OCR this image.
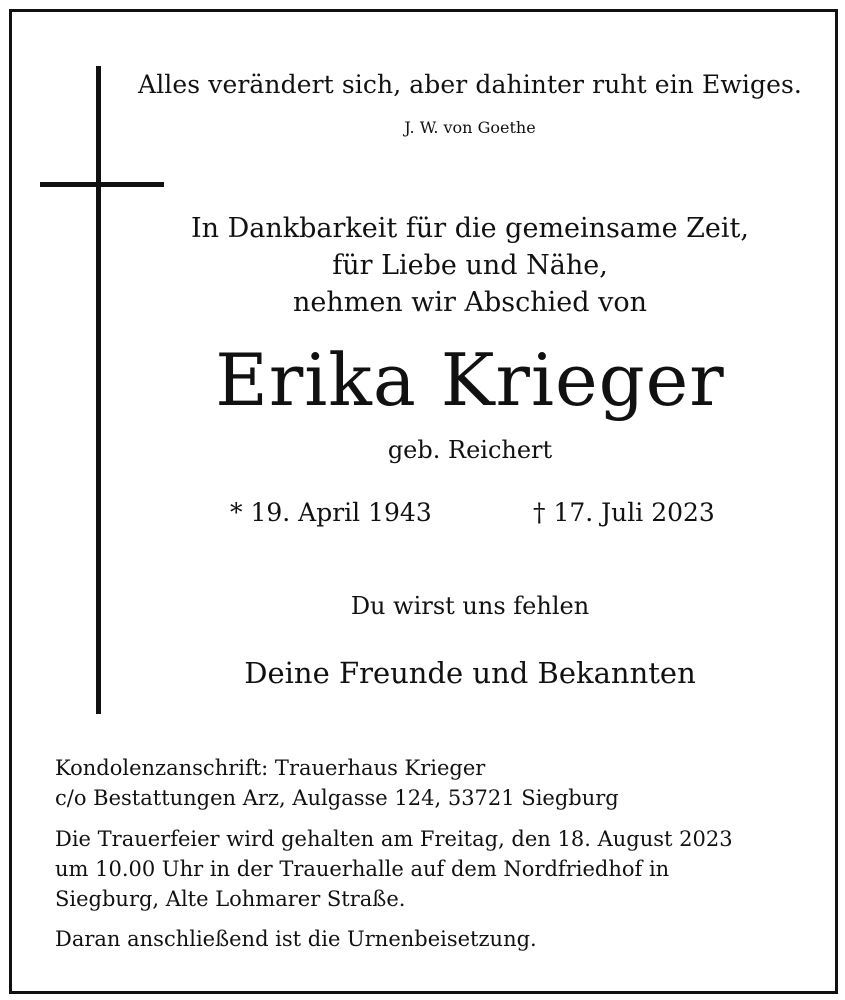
Alles verändert sich, aber dahinter ruht ein Ewiges.
J. W. von Goethe
In Dankbarkeit für die gemeinsame Zeit,
für Liebe und Nähe,
nehmen wir Abschied von
Erika Krieger
geb. Reichert
* 19. April 1943	† 17. Juli 2023
Du wirst uns fehlen
Deine Freunde und Bekannten
Kondolenzanschrift: Trauerhaus Krieger
c/o Bestattungen Arz, Aulgasse 124, 53721 Siegburg
Die Trauerfeier wird gehalten am Freitag, den 18. August 2023
um 10.00 Uhr in der Trauerhalle auf dem Nordfriedhof in
Siegburg, Alte Lohmarer Straße.
Daran anschließend ist die Urnenbeisetzung.
